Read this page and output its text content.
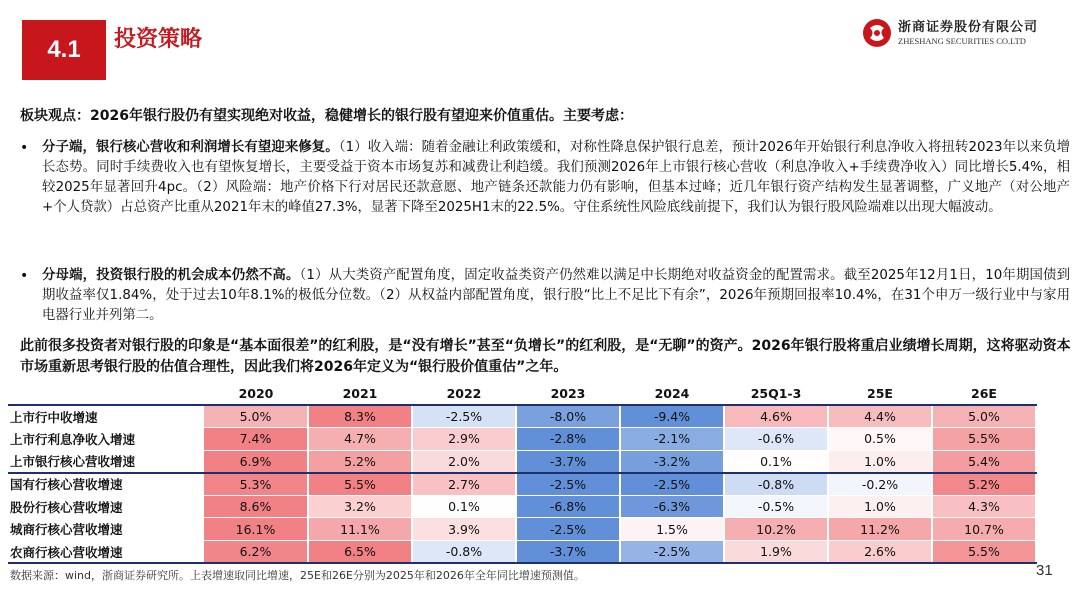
4.1	投资策略	浙商证券股份有限公司
ZHESHANG SECURITIES CO.LTD
板块观点：2026年银行股仍有望实现绝对收益，稳健增长的银行股有望迎来价值重估。主要考虑：
•	分子端，银行核心营收和利润增长有望迎来修复。（1）收入端：随着金融让利政策缓和，对称性降息保护银行息差，预计2026年开始银行利息净收入将扭转2023年以来负增长态势。同时手续费收入也有望恢复增长，主要受益于资本市场复苏和减费让利趋缓。我们预测2026年上市银行核心营收（利息净收入+手续费净收入）同比增长5.4%，相较2025年显著回升4pc。（2）风险端：地产价格下行对居民还款意愿、地产链条还款能力仍有影响，但基本过峰；近几年银行资产结构发生显著调整，广义地产（对公地产+个人贷款）占总资产比重从2021年末的峰值27.3%，显著下降至2025H1末的22.5%。守住系统性风险底线前提下，我们认为银行股风险端难以出现大幅波动。
•	分母端，投资银行股的机会成本仍然不高。（1）从大类资产配置角度，固定收益类资产仍然难以满足中长期绝对收益资金的配置需求。截至2025年12月1日，10年期国债到期收益率仅1.84%，处于过去10年8.1%的极低分位数。（2）从权益内部配置角度，银行股“比上不足比下有余”，2026年预期回报率10.4%，在31个申万一级行业中与家用电器行业并列第二。
此前很多投资者对银行股的印象是“基本面很差”的红利股，是“没有增长”甚至“负增长”的红利股，是“无聊”的资产。2026年银行股将重启业绩增长周期，这将驱动资本市场重新思考银行股的估值合理性，因此我们将2026年定义为“银行股价值重估”之年。
	2020	2021	2022	2023	2024	25Q1-3	25E	26E
上市行中收增速	5.0%	8.3%	-2.5%	-8.0%	-9.4%	4.6%	4.4%	5.0%
上市行利息净收入增速	7.4%	4.7%	2.9%	-2.8%	-2.1%	-0.6%	0.5%	5.5%
上市银行核心营收增速	6.9%	5.2%	2.0%	-3.7%	-3.2%	0.1%	1.0%	5.4%
国有行核心营收增速	5.3%	5.5%	2.7%	-2.5%	-2.5%	-0.8%	-0.2%	5.2%
股份行核心营收增速	8.6%	3.2%	0.1%	-6.8%	-6.3%	-0.5%	1.0%	4.3%
城商行核心营收增速	16.1%	11.1%	3.9%	-2.5%	1.5%	10.2%	11.2%	10.7%
农商行核心营收增速	6.2%	6.5%	-0.8%	-3.7%	-2.5%	1.9%	2.6%	5.5%
数据来源：wind，浙商证券研究所。上表增速取同比增速，25E和26E分别为2025年和2026年全年同比增速预测值。	31
